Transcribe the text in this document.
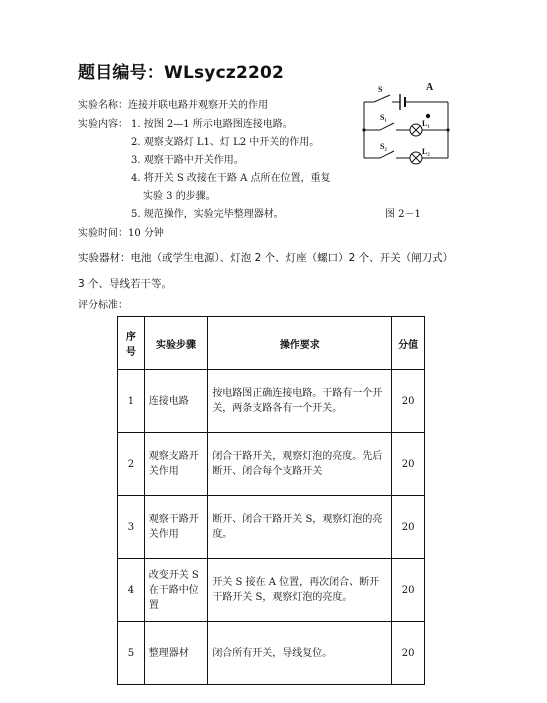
题目编号：WLsycz2202
实验名称：连接并联电路并观察开关的作用
实验内容： 1. 按图 2—1 所示电路图连接电路。
2. 观察支路灯 L1、灯 L2 中开关的作用。
3. 观察干路中开关作用。
4. 将开关 S 改接在干路 A 点所在位置，重复
实验 3 的步骤。
5. 规范操作，实验完毕整理器材。
S	A
S₁
L₁
S₂
L₂
图 2－1
实验时间：10 分钟
实验器材：电池（或学生电源）、灯泡 2 个、灯座（螺口）2 个、开关（闸刀式）
3 个、导线若干等。
评分标准：
序号	实验步骤	操作要求	分值
1	连接电路	按电路图正确连接电路。干路有一个开关，两条支路各有一个开关。	20
2	观察支路开关作用	闭合干路开关，观察灯泡的亮度。先后断开、闭合每个支路开关	20
3	观察干路开关作用	断开、闭合干路开关 S，观察灯泡的亮度。	20
4	改变开关 S 在干路中位置	开关 S 接在 A 位置，再次闭合、断开干路开关 S，观察灯泡的亮度。	20
5	整理器材	闭合所有开关，导线复位。	20
